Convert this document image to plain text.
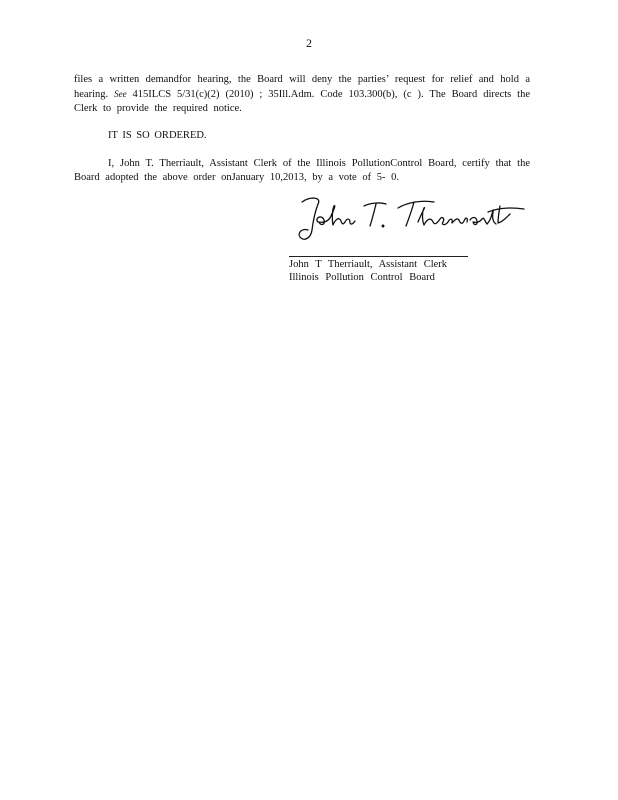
2
files a written demandfor hearing, the Board will deny the parties’ request for relief and hold a hearing. See 415ILCS 5/31(c)(2) (2010) ; 35Ill.Adm. Code 103.300(b), (c ). The Board directs the Clerk to provide the required notice.
IT IS SO ORDERED.
I, John T. Therriault, Assistant Clerk of the Illinois PollutionControl Board, certify that the Board adopted the above order onJanuary 10,2013, by a vote of 5- 0.
John T Therriault, Assistant Clerk
Illinois Pollution Control Board
